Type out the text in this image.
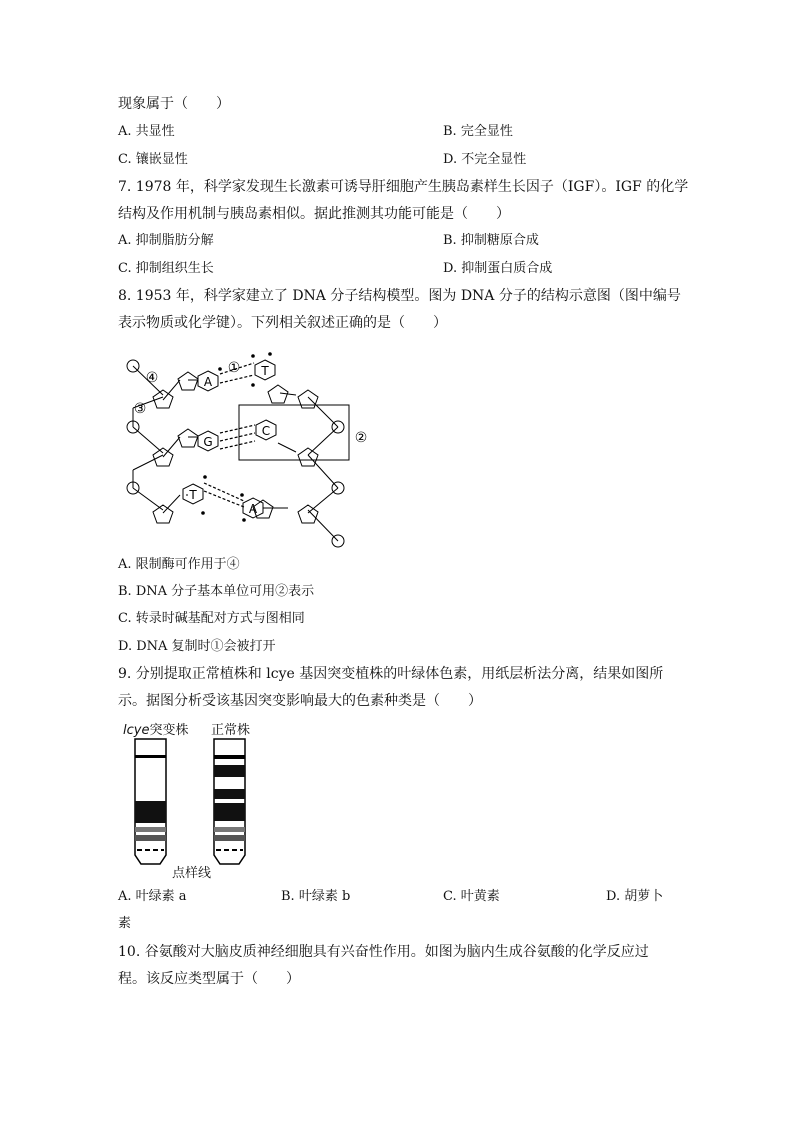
现象属于（　　）
A. 共显性	B. 完全显性
C. 镶嵌显性	D. 不完全显性
7. 1978 年，科学家发现生长激素可诱导肝细胞产生胰岛素样生长因子（IGF）。IGF 的化学
结构及作用机制与胰岛素相似。据此推测其功能可能是（　　）
A. 抑制脂肪分解	B. 抑制糖原合成
C. 抑制组织生长	D. 抑制蛋白质合成
8. 1953 年，科学家建立了 DNA 分子结构模型。图为 DNA 分子的结构示意图（图中编号
表示物质或化学键）。下列相关叙述正确的是（　　）
A
T
G
C
T
A
①
②
③
④
A. 限制酶可作用于④
B. DNA 分子基本单位可用②表示
C. 转录时碱基配对方式与图相同
D. DNA 复制时①会被打开
9. 分别提取正常植株和 lcye 基因突变植株的叶绿体色素，用纸层析法分离，结果如图所
示。据图分析受该基因突变影响最大的色素种类是（　　）
lcye突变株 正常株
点样线
A. 叶绿素 a	B. 叶绿素 b	C. 叶黄素	D. 胡萝卜
素
10. 谷氨酸对大脑皮质神经细胞具有兴奋性作用。如图为脑内生成谷氨酸的化学反应过
程。该反应类型属于（　　）
